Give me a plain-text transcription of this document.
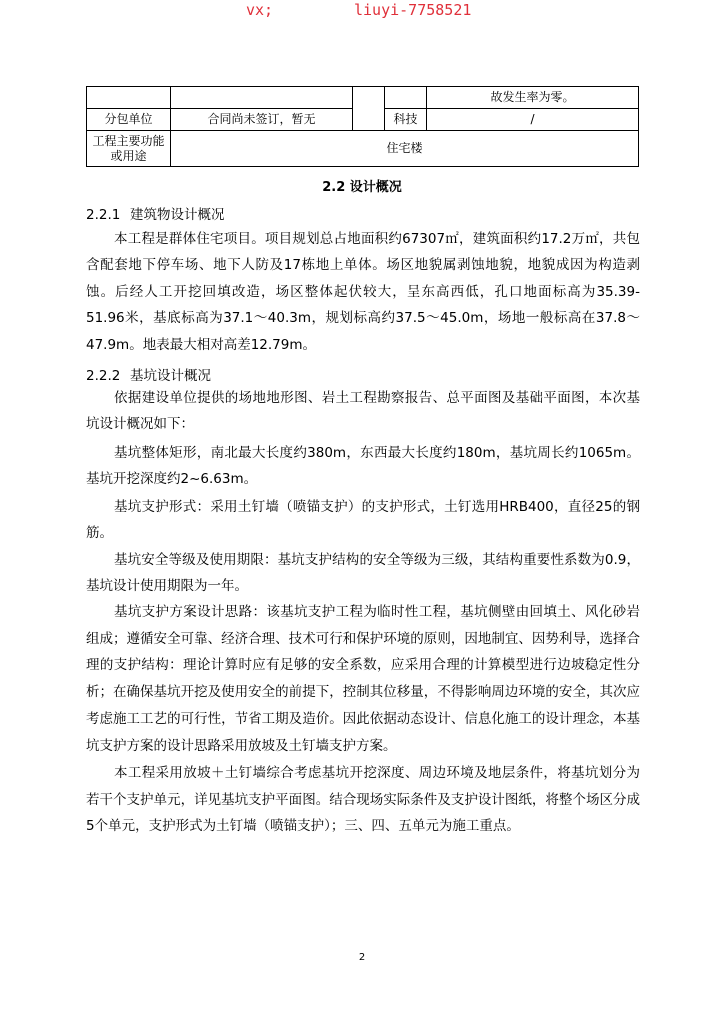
vx;

	liuyi-7758521

				故发生率为零。
分包单位	合同尚未签订，暂无		科技	/
工程主要功能或用途	住宅楼			
2.2 设计概况
2.2.1 建筑物设计概况
本工程是群体住宅项目。项目规划总占地面积约67307㎡，建筑面积约17.2万㎡，共包含配套地下停车场、地下人防及17栋地上单体。场区地貌属剥蚀地貌，地貌成因为构造剥蚀。后经人工开挖回填改造，场区整体起伏较大，呈东高西低，孔口地面标高为35.39-51.96米，基底标高为37.1～40.3m，规划标高约37.5～45.0m，场地一般标高在37.8～47.9m。地表最大相对高差12.79m。
2.2.2 基坑设计概况
依据建设单位提供的场地地形图、岩土工程勘察报告、总平面图及基础平面图，本次基坑设计概况如下：
基坑整体矩形，南北最大长度约380m，东西最大长度约180m，基坑周长约1065m。基坑开挖深度约2~6.63m。
基坑支护形式：采用土钉墙（喷锚支护）的支护形式，土钉选用HRB400，直径25的钢筋。
基坑安全等级及使用期限：基坑支护结构的安全等级为三级，其结构重要性系数为0.9，基坑设计使用期限为一年。
基坑支护方案设计思路：该基坑支护工程为临时性工程，基坑侧壁由回填土、风化砂岩组成；遵循安全可靠、经济合理、技术可行和保护环境的原则，因地制宜、因势利导，选择合理的支护结构：理论计算时应有足够的安全系数，应采用合理的计算模型进行边坡稳定性分析；在确保基坑开挖及使用安全的前提下，控制其位移量，不得影响周边环境的安全，其次应考虑施工工艺的可行性，节省工期及造价。因此依据动态设计、信息化施工的设计理念，本基坑支护方案的设计思路采用放坡及土钉墙支护方案。
本工程采用放坡＋土钉墙综合考虑基坑开挖深度、周边环境及地层条件，将基坑划分为若干个支护单元，详见基坑支护平面图。结合现场实际条件及支护设计图纸，将整个场区分成5个单元，支护形式为土钉墙（喷锚支护）；三、四、五单元为施工重点。
2
